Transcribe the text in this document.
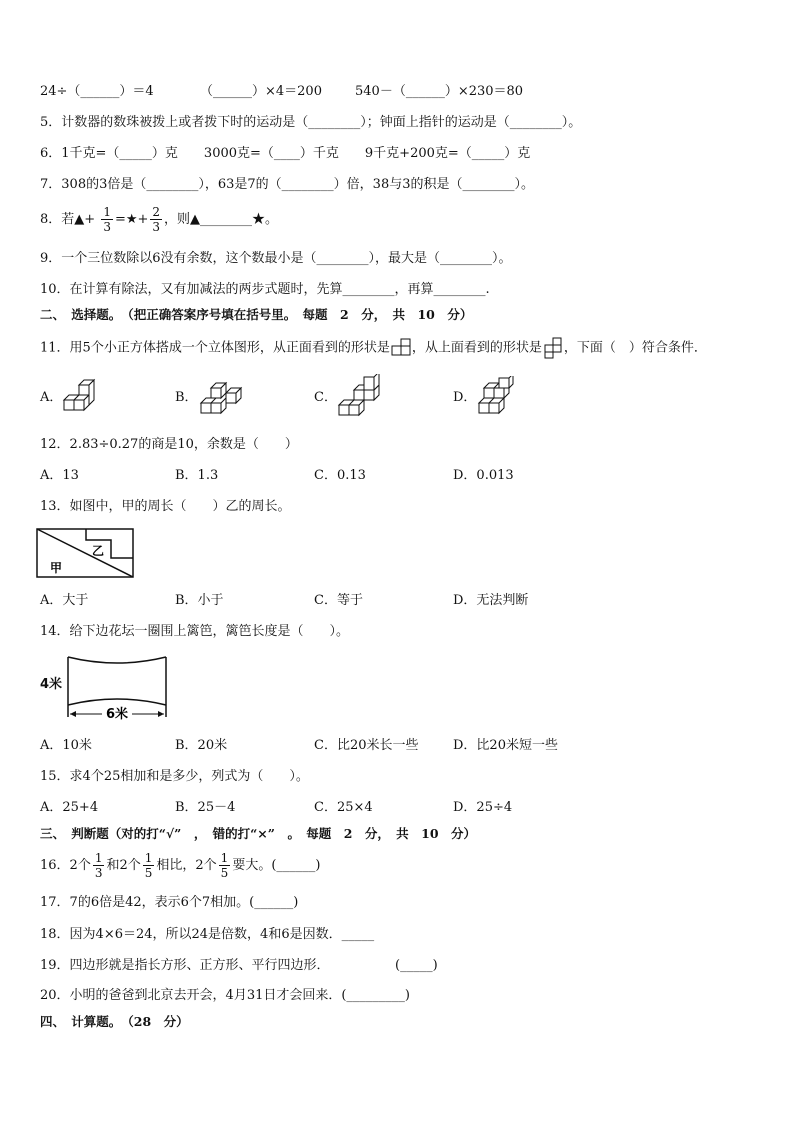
24÷（______）＝4	（______）×4＝200	540－（______）×230＝80
5．计数器的数珠被拨上或者拨下时的运动是（________）；钟面上指针的运动是（________）。
6．1千克=（_____）克　　3000克=（____）千克　　9千克+200克=（_____）克
7．308的3倍是（________），63是7的（________）倍，38与3的积是（________）。
8．若▲+ $\frac{1}{3}$ =★+ $\frac{2}{3}$ ，则▲________★。
9．一个三位数除以6没有余数，这个数最小是（________），最大是（________）。
10．在计算有除法，又有加减法的两步式题时，先算________，再算________.
二、　选择题。　（把正确答案序号填在括号里。　每题　2　分，　共　10　分）
11．用5个小正方体搭成一个立体图形，从正面看到的形状是 ，从上面看到的形状是 ，下面（　）符合条件．
A．	B．	C．	D．
12．2.83÷0.27的商是10，余数是（　　）
A．13	B．1.3	C．0.13	D．0.013
13．如图中，甲的周长（　　）乙的周长。
甲
乙
A．大于	B．小于	C．等于	D．无法判断
14．给下边花坛一圈围上篱笆，篱笆长度是（　　）。
4米
6米
A．10米	B．20米	C．比20米长一些	D．比20米短一些
15．求4个25相加和是多少，列式为（　　）。
A．25+4	B．25－4	C．25×4	D．25÷4
三、　判断题（对的打“√”　，　错的打“×”　。　每题　2　分，　共　10　分）
16．2个 $\frac{1}{3}$ 和2个 $\frac{1}{5}$ 相比，2个 $\frac{1}{5}$ 要大。(______)
17．7的6倍是42，表示6个7相加。(______)
18．因为4×6＝24，所以24是倍数，4和6是因数．_____
19．四边形就是指长方形、正方形、平行四边形．	(_____)
20．小明的爸爸到北京去开会，4月31日才会回来．(_________)
四、　计算题。　（28　分）
